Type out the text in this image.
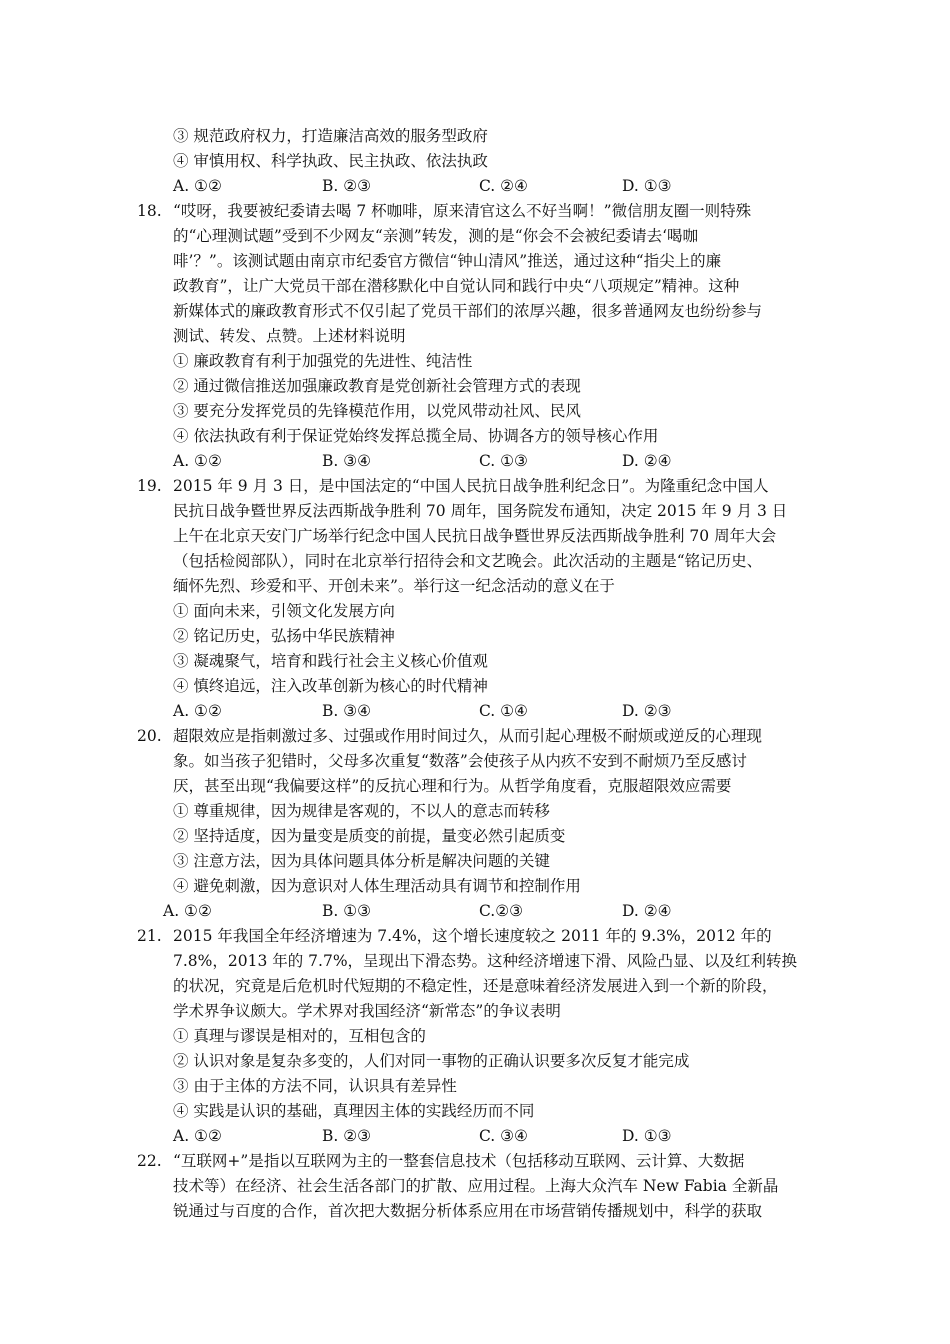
③ 规范政府权力，打造廉洁高效的服务型政府
④ 审慎用权、科学执政、民主执政、依法执政
A. ①②	B. ②③	C. ②④	D. ①③
18. “哎呀，我要被纪委请去喝 7 杯咖啡，原来清官这么不好当啊！”微信朋友圈一则特殊
的“心理测试题”受到不少网友“亲测”转发，测的是“你会不会被纪委请去‘喝咖
啡’？”。该测试题由南京市纪委官方微信“钟山清风”推送，通过这种“指尖上的廉
政教育”，让广大党员干部在潜移默化中自觉认同和践行中央“八项规定”精神。这种
新媒体式的廉政教育形式不仅引起了党员干部们的浓厚兴趣，很多普通网友也纷纷参与
测试、转发、点赞。上述材料说明
① 廉政教育有利于加强党的先进性、纯洁性
② 通过微信推送加强廉政教育是党创新社会管理方式的表现
③ 要充分发挥党员的先锋模范作用，以党风带动社风、民风
④ 依法执政有利于保证党始终发挥总揽全局、协调各方的领导核心作用
A. ①②	B. ③④	C. ①③	D. ②④
19. 2015 年 9 月 3 日，是中国法定的“中国人民抗日战争胜利纪念日”。为隆重纪念中国人
民抗日战争暨世界反法西斯战争胜利 70 周年，国务院发布通知，决定 2015 年 9 月 3 日
上午在北京天安门广场举行纪念中国人民抗日战争暨世界反法西斯战争胜利 70 周年大会
（包括检阅部队），同时在北京举行招待会和文艺晚会。此次活动的主题是“铭记历史、
缅怀先烈、珍爱和平、开创未来”。举行这一纪念活动的意义在于
① 面向未来，引领文化发展方向
② 铭记历史，弘扬中华民族精神
③ 凝魂聚气，培育和践行社会主义核心价值观
④ 慎终追远，注入改革创新为核心的时代精神
A. ①②	B. ③④	C. ①④	D. ②③
20. 超限效应是指刺激过多、过强或作用时间过久，从而引起心理极不耐烦或逆反的心理现
象。如当孩子犯错时，父母多次重复“数落”会使孩子从内疚不安到不耐烦乃至反感讨
厌，甚至出现“我偏要这样”的反抗心理和行为。从哲学角度看，克服超限效应需要
① 尊重规律，因为规律是客观的，不以人的意志而转移
② 坚持适度，因为量变是质变的前提，量变必然引起质变
③ 注意方法，因为具体问题具体分析是解决问题的关键
④ 避免刺激，因为意识对人体生理活动具有调节和控制作用
A. ①②	B. ①③	C.②③	D. ②④
21. 2015 年我国全年经济增速为 7.4%，这个增长速度较之 2011 年的 9.3%，2012 年的
7.8%，2013 年的 7.7%，呈现出下滑态势。这种经济增速下滑、风险凸显、以及红利转换
的状况，究竟是后危机时代短期的不稳定性，还是意味着经济发展进入到一个新的阶段，
学术界争议颇大。学术界对我国经济“新常态”的争议表明
① 真理与谬误是相对的，互相包含的
② 认识对象是复杂多变的，人们对同一事物的正确认识要多次反复才能完成
③ 由于主体的方法不同，认识具有差异性
④ 实践是认识的基础，真理因主体的实践经历而不同
A. ①②	B. ②③	C. ③④	D. ①③
22. “互联网+”是指以互联网为主的一整套信息技术（包括移动互联网、云计算、大数据
技术等）在经济、社会生活各部门的扩散、应用过程。上海大众汽车 New Fabia 全新晶
锐通过与百度的合作，首次把大数据分析体系应用在市场营销传播规划中，科学的获取
